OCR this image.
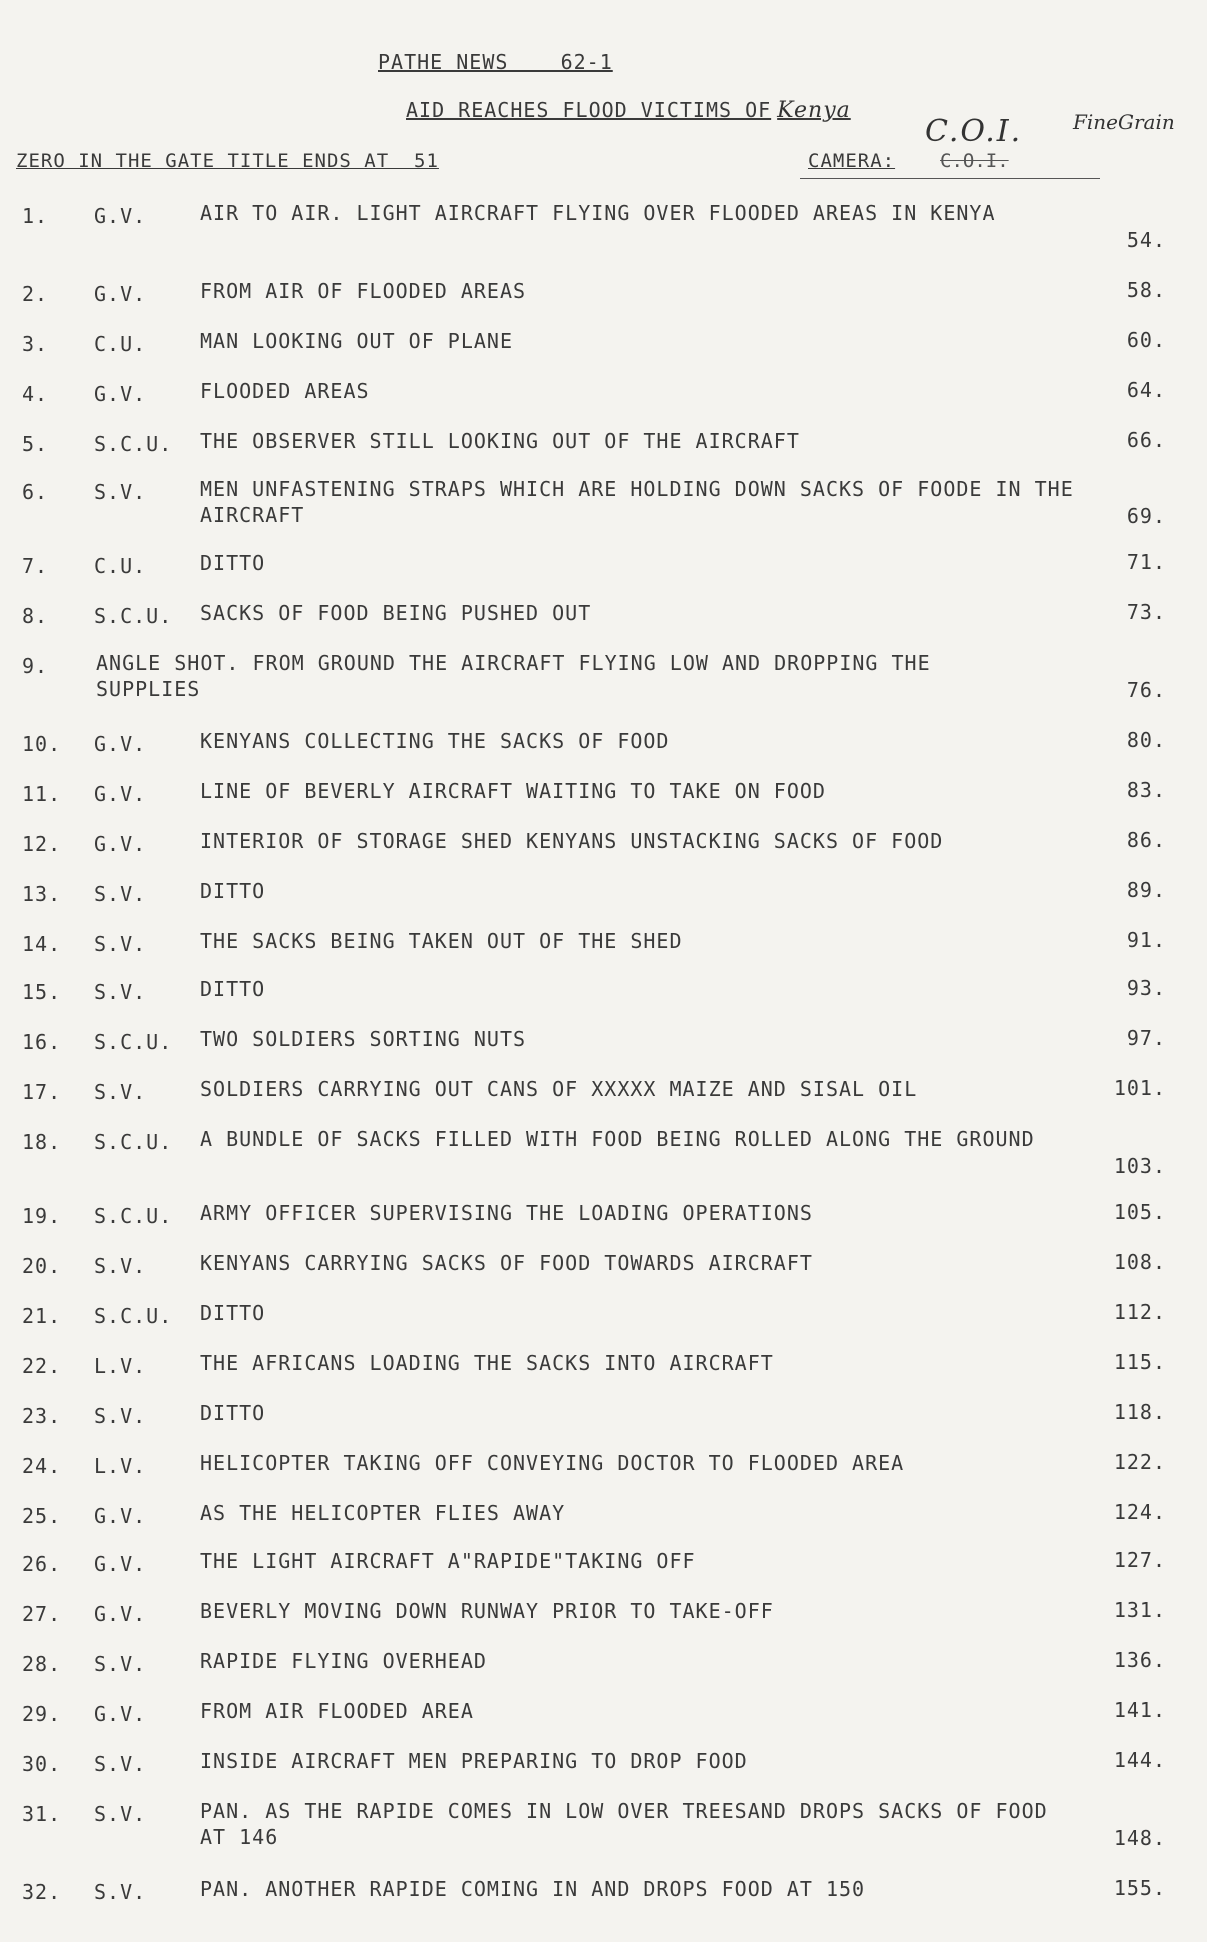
PATHE NEWS    62-1
AID REACHES FLOOD VICTIMS OF Kenya
ZERO IN THE GATE TITLE ENDS AT  51	CAMERA:
C.O.I.	FineGrain
C.O.I.
1.	G.V.	AIR TO AIR. LIGHT AIRCRAFT FLYING OVER FLOODED AREAS IN KENYA
54.
2.	G.V.	FROM AIR OF FLOODED AREAS	58.
3.	C.U.	MAN LOOKING OUT OF PLANE	60.
4.	G.V.	FLOODED AREAS	64.
5.	S.C.U.	THE OBSERVER STILL LOOKING OUT OF THE AIRCRAFT	66.
6.	S.V.	MEN UNFASTENING STRAPS WHICH ARE HOLDING DOWN SACKS OF FOODE IN THE AIRCRAFT	69.
7.	C.U.	DITTO	71.
8.	S.C.U.	SACKS OF FOOD BEING PUSHED OUT	73.
9.	ANGLE SHOT. FROM GROUND THE AIRCRAFT FLYING LOW AND DROPPING THE SUPPLIES	76.
10.	G.V.	KENYANS COLLECTING THE SACKS OF FOOD	80.
11.	G.V.	LINE OF BEVERLY AIRCRAFT WAITING TO TAKE ON FOOD	83.
12.	G.V.	INTERIOR OF STORAGE SHED KENYANS UNSTACKING SACKS OF FOOD	86.
13.	S.V.	DITTO	89.
14.	S.V.	THE SACKS BEING TAKEN OUT OF THE SHED	91.
15.	S.V.	DITTO	93.
16.	S.C.U.	TWO SOLDIERS SORTING NUTS	97.
17.	S.V.	SOLDIERS CARRYING OUT CANS OF XXXXX MAIZE AND SISAL OIL	101.
18.	S.C.U.	A BUNDLE OF SACKS FILLED WITH FOOD BEING ROLLED ALONG THE GROUND
103.
19.	S.C.U.	ARMY OFFICER SUPERVISING THE LOADING OPERATIONS	105.
20.	S.V.	KENYANS CARRYING SACKS OF FOOD TOWARDS AIRCRAFT	108.
21.	S.C.U.	DITTO	112.
22.	L.V.	THE AFRICANS LOADING THE SACKS INTO AIRCRAFT	115.
23.	S.V.	DITTO	118.
24.	L.V.	HELICOPTER TAKING OFF CONVEYING DOCTOR TO FLOODED AREA	122.
25.	G.V.	AS THE HELICOPTER FLIES AWAY	124.
26.	G.V.	THE LIGHT AIRCRAFT A"RAPIDE"TAKING OFF	127.
27.	G.V.	BEVERLY MOVING DOWN RUNWAY PRIOR TO TAKE-OFF	131.
28.	S.V.	RAPIDE FLYING OVERHEAD	136.
29.	G.V.	FROM AIR FLOODED AREA	141.
30.	S.V.	INSIDE AIRCRAFT MEN PREPARING TO DROP FOOD	144.
31.	S.V.	PAN. AS THE RAPIDE COMES IN LOW OVER TREESAND DROPS SACKS OF FOOD AT 146	148.
32.	S.V.	PAN. ANOTHER RAPIDE COMING IN AND DROPS FOOD AT 150	155.
